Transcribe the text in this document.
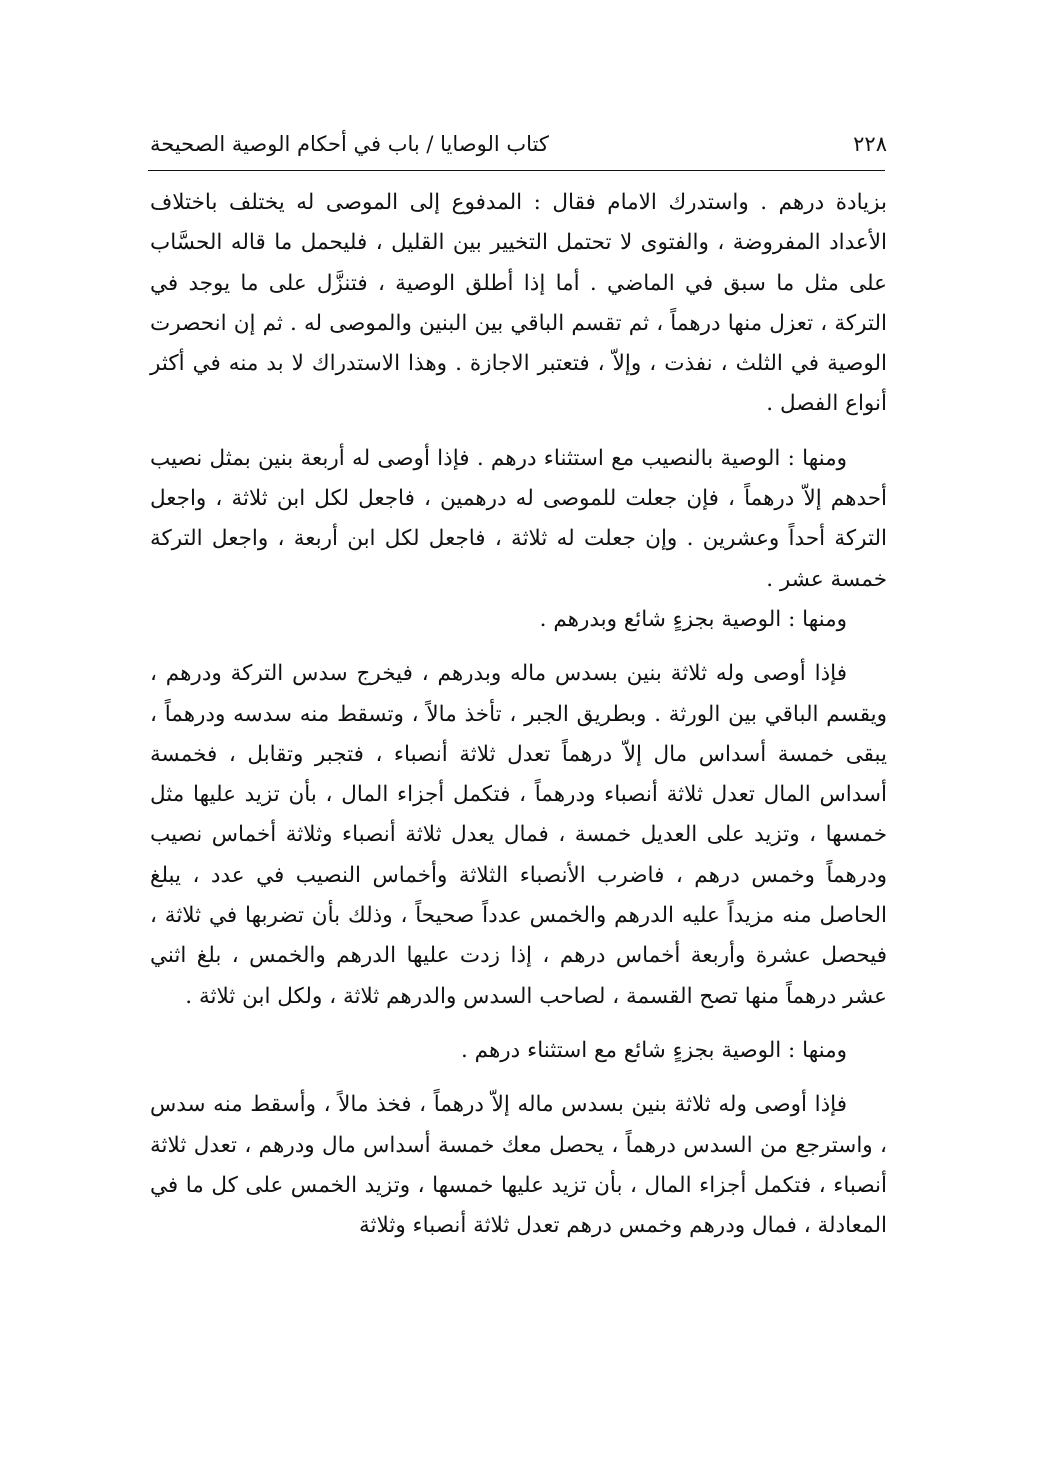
٢٢٨
كتاب الوصايا / باب في أحكام الوصية الصحيحة

بزيادة درهم . واستدرك الامام فقال : المدفوع إلى الموصى له يختلف باختلاف الأعداد المفروضة ، والفتوى لا تحتمل التخيير بين القليل ، فليحمل ما قاله الحسَّاب على مثل ما سبق في الماضي . أما إذا أطلق الوصية ، فتنزَّل على ما يوجد في التركة ، تعزل منها درهماً ، ثم تقسم الباقي بين البنين والموصى له . ثم إن انحصرت الوصية في الثلث ، نفذت ، وإلاّ ، فتعتبر الاجازة . وهذا الاستدراك لا بد منه في أكثر أنواع الفصل .

ومنها : الوصية بالنصيب مع استثناء درهم . فإذا أوصى له أربعة بنين بمثل نصيب أحدهم إلاّ درهماً ، فإن جعلت للموصى له درهمين ، فاجعل لكل ابن ثلاثة ، واجعل التركة أحداً وعشرين . وإن جعلت له ثلاثة ، فاجعل لكل ابن أربعة ، واجعل التركة خمسة عشر .

ومنها : الوصية بجزءٍ شائع وبدرهم .

فإذا أوصى وله ثلاثة بنين بسدس ماله وبدرهم ، فيخرج سدس التركة ودرهم ، ويقسم الباقي بين الورثة . وبطريق الجبر ، تأخذ مالاً ، وتسقط منه سدسه ودرهماً ، يبقى خمسة أسداس مال إلاّ درهماً تعدل ثلاثة أنصباء ، فتجبر وتقابل ، فخمسة أسداس المال تعدل ثلاثة أنصباء ودرهماً ، فتكمل أجزاء المال ، بأن تزيد عليها مثل خمسها ، وتزيد على العديل خمسة ، فمال يعدل ثلاثة أنصباء وثلاثة أخماس نصيب ودرهماً وخمس درهم ، فاضرب الأنصباء الثلاثة وأخماس النصيب في عدد ، يبلغ الحاصل منه مزيداً عليه الدرهم والخمس عدداً صحيحاً ، وذلك بأن تضربها في ثلاثة ، فيحصل عشرة وأربعة أخماس درهم ، إذا زدت عليها الدرهم والخمس ، بلغ اثني عشر درهماً منها تصح القسمة ، لصاحب السدس والدرهم ثلاثة ، ولكل ابن ثلاثة .

ومنها : الوصية بجزءٍ شائع مع استثناء درهم .

فإذا أوصى وله ثلاثة بنين بسدس ماله إلاّ درهماً ، فخذ مالاً ، وأسقط منه سدس ، واسترجع من السدس درهماً ، يحصل معك خمسة أسداس مال ودرهم ، تعدل ثلاثة أنصباء ، فتكمل أجزاء المال ، بأن تزيد عليها خمسها ، وتزيد الخمس على كل ما في المعادلة ، فمال ودرهم وخمس درهم تعدل ثلاثة أنصباء وثلاثة
